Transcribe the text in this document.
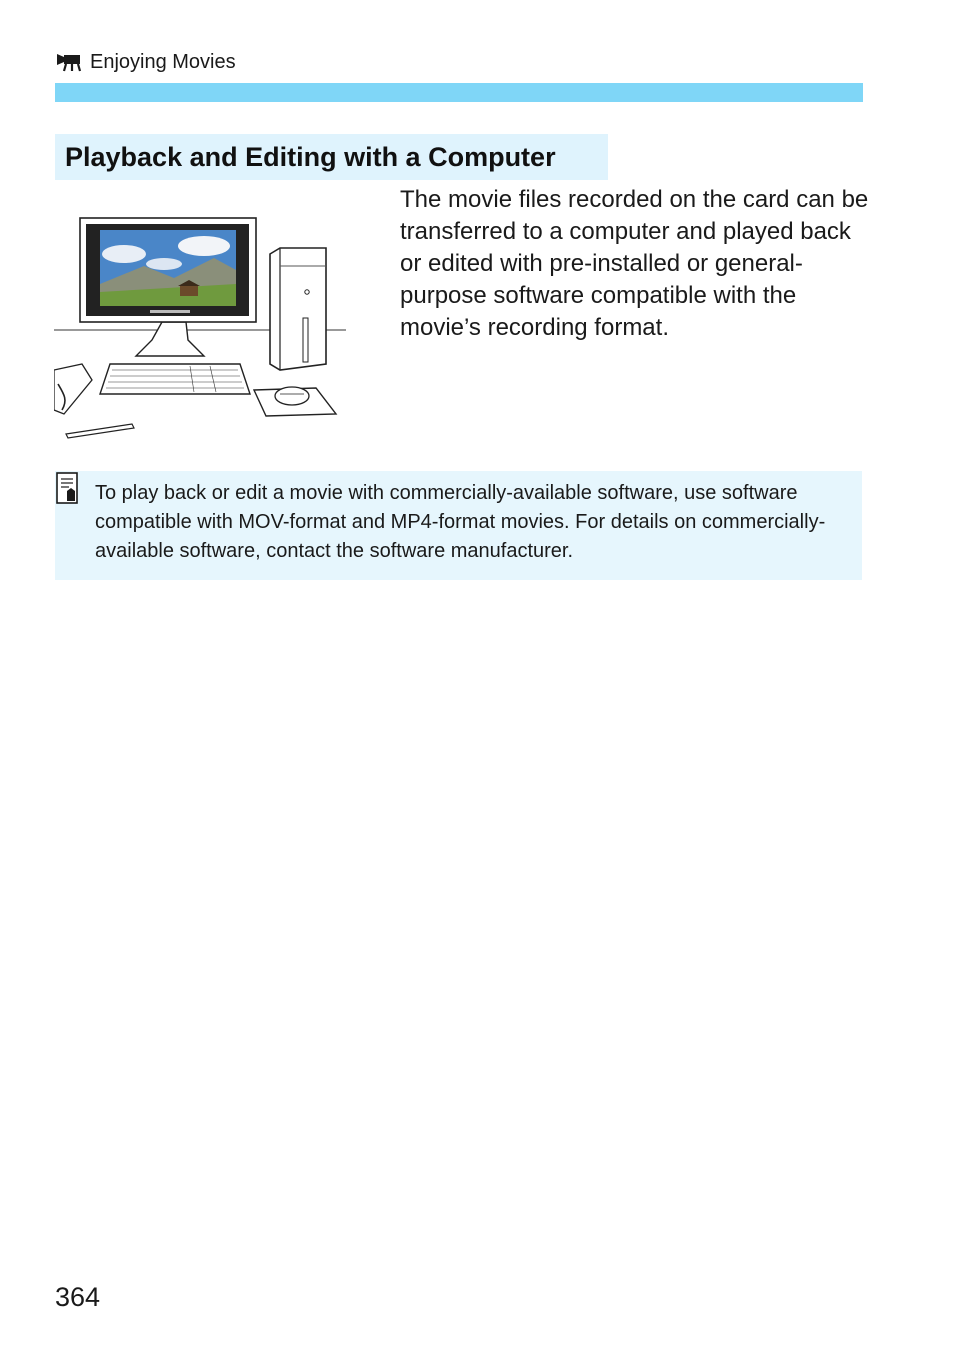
Enjoying Movies
Playback and Editing with a Computer

The movie files recorded on the card can be transferred to a computer and played back or edited with pre-installed or general-purpose software compatible with the movie’s recording format.

To play back or edit a movie with commercially-available software, use software compatible with MOV-format and MP4-format movies. For details on commercially-available software, contact the software manufacturer.

364
